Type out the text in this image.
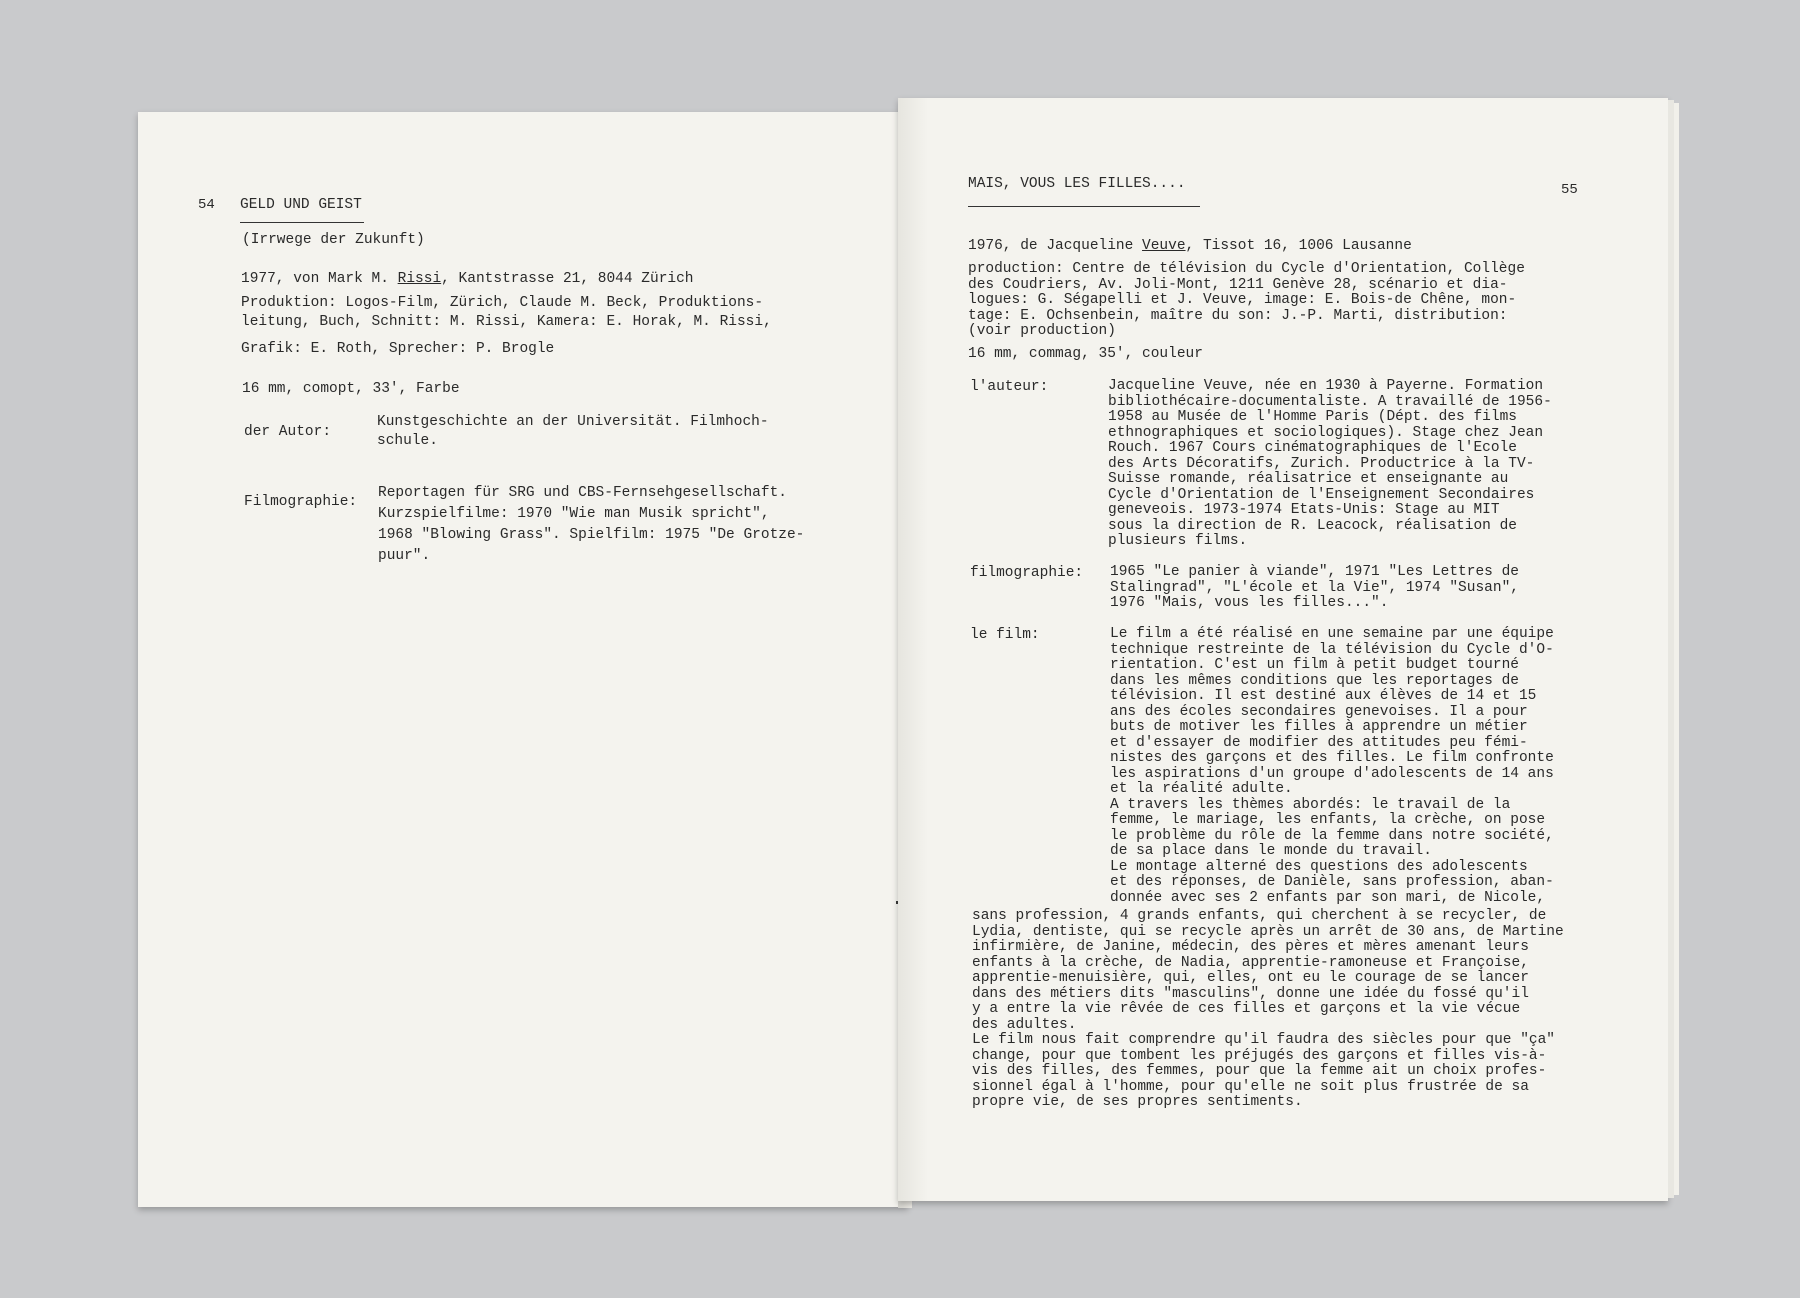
54 GELD UND GEIST
(Irrwege der Zukunft)
1977, von Mark M. Rissi, Kantstrasse 21, 8044 Zürich
Produktion: Logos-Film, Zürich, Claude M. Beck, Produktions-
leitung, Buch, Schnitt: M. Rissi, Kamera: E. Horak, M. Rissi,
Grafik: E. Roth, Sprecher: P. Brogle
16 mm, comopt, 33', Farbe
der Autor:
Kunstgeschichte an der Universität. Filmhoch-
schule.
Filmographie:
Reportagen für SRG und CBS-Fernsehgesellschaft.
Kurzspielfilme: 1970 "Wie man Musik spricht",
1968 "Blowing Grass". Spielfilm: 1975 "De Grotze-
puur".
MAIS, VOUS LES FILLES....	55
1976, de Jacqueline Veuve, Tissot 16, 1006 Lausanne
production: Centre de télévision du Cycle d'Orientation, Collège
des Coudriers, Av. Joli-Mont, 1211 Genève 28, scénario et dia-
logues: G. Ségapelli et J. Veuve, image: E. Bois-de Chêne, mon-
tage: E. Ochsenbein, maître du son: J.-P. Marti, distribution:
(voir production)
16 mm, commag, 35', couleur
l'auteur:	Jacqueline Veuve, née en 1930 à Payerne. Formation
bibliothécaire-documentaliste. A travaillé de 1956-
1958 au Musée de l'Homme Paris (Dépt. des films
ethnographiques et sociologiques). Stage chez Jean
Rouch. 1967 Cours cinématographiques de l'Ecole
des Arts Décoratifs, Zurich. Productrice à la TV-
Suisse romande, réalisatrice et enseignante au
Cycle d'Orientation de l'Enseignement Secondaires
geneveois. 1973-1974 Etats-Unis: Stage au MIT
sous la direction de R. Leacock, réalisation de
plusieurs films.
filmographie: 1965 "Le panier à viande", 1971 "Les Lettres de
Stalingrad", "L'école et la Vie", 1974 "Susan",
1976 "Mais, vous les filles...".
le film:	Le film a été réalisé en une semaine par une équipe
technique restreinte de la télévision du Cycle d'O-
rientation. C'est un film à petit budget tourné
dans les mêmes conditions que les reportages de
télévision. Il est destiné aux élèves de 14 et 15
ans des écoles secondaires genevoises. Il a pour
buts de motiver les filles à apprendre un métier
et d'essayer de modifier des attitudes peu fémi-
nistes des garçons et des filles. Le film confronte
les aspirations d'un groupe d'adolescents de 14 ans
et la réalité adulte.
A travers les thèmes abordés: le travail de la
femme, le mariage, les enfants, la crèche, on pose
le problème du rôle de la femme dans notre société,
de sa place dans le monde du travail.
Le montage alterné des questions des adolescents
et des réponses, de Danièle, sans profession, aban-
donnée avec ses 2 enfants par son mari, de Nicole,
sans profession, 4 grands enfants, qui cherchent à se recycler, de
Lydia, dentiste, qui se recycle après un arrêt de 30 ans, de Martine
infirmière, de Janine, médecin, des pères et mères amenant leurs
enfants à la crèche, de Nadia, apprentie-ramoneuse et Françoise,
apprentie-menuisière, qui, elles, ont eu le courage de se lancer
dans des métiers dits "masculins", donne une idée du fossé qu'il
y a entre la vie rêvée de ces filles et garçons et la vie vécue
des adultes.
Le film nous fait comprendre qu'il faudra des siècles pour que "ça"
change, pour que tombent les préjugés des garçons et filles vis-à-
vis des filles, des femmes, pour que la femme ait un choix profes-
sionnel égal à l'homme, pour qu'elle ne soit plus frustrée de sa
propre vie, de ses propres sentiments.
